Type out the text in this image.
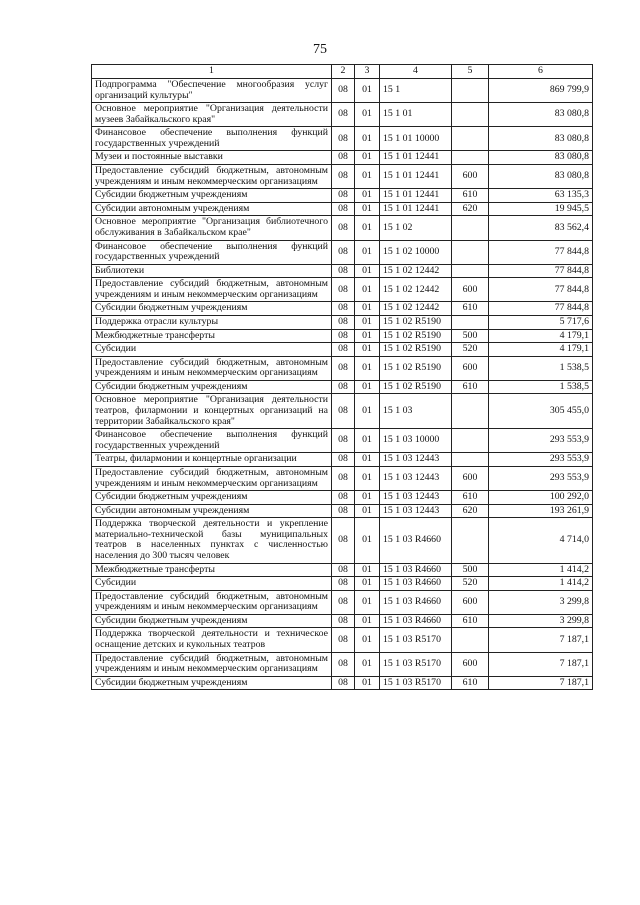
75
1	2	3	4	5	6
Подпрограмма "Обеспечение многообразия услуг организаций культуры"	08	01	15 1		869 799,9
Основное мероприятие "Организация деятельности музеев Забайкальского края"	08	01	15 1 01		83 080,8
Финансовое обеспечение выполнения функций государственных учреждений	08	01	15 1 01 10000		83 080,8
Музеи и постоянные выставки	08	01	15 1 01 12441		83 080,8
Предоставление субсидий бюджетным, автономным учреждениям и иным некоммерческим организациям	08	01	15 1 01 12441	600	83 080,8
Субсидии бюджетным учреждениям	08	01	15 1 01 12441	610	63 135,3
Субсидии автономным учреждениям	08	01	15 1 01 12441	620	19 945,5
Основное мероприятие "Организация библиотечного обслуживания в Забайкальском крае"	08	01	15 1 02		83 562,4
Финансовое обеспечение выполнения функций государственных учреждений	08	01	15 1 02 10000		77 844,8
Библиотеки	08	01	15 1 02 12442		77 844,8
Предоставление субсидий бюджетным, автономным учреждениям и иным некоммерческим организациям	08	01	15 1 02 12442	600	77 844,8
Субсидии бюджетным учреждениям	08	01	15 1 02 12442	610	77 844,8
Поддержка отрасли культуры	08	01	15 1 02 R5190		5 717,6
Межбюджетные трансферты	08	01	15 1 02 R5190	500	4 179,1
Субсидии	08	01	15 1 02 R5190	520	4 179,1
Предоставление субсидий бюджетным, автономным учреждениям и иным некоммерческим организациям	08	01	15 1 02 R5190	600	1 538,5
Субсидии бюджетным учреждениям	08	01	15 1 02 R5190	610	1 538,5
Основное мероприятие "Организация деятельности театров, филармонии и концертных организаций на территории Забайкальского края"	08	01	15 1 03		305 455,0
Финансовое обеспечение выполнения функций государственных учреждений	08	01	15 1 03 10000		293 553,9
Театры, филармонии и концертные организации	08	01	15 1 03 12443		293 553,9
Предоставление субсидий бюджетным, автономным учреждениям и иным некоммерческим организациям	08	01	15 1 03 12443	600	293 553,9
Субсидии бюджетным учреждениям	08	01	15 1 03 12443	610	100 292,0
Субсидии автономным учреждениям	08	01	15 1 03 12443	620	193 261,9
Поддержка творческой деятельности и укрепление материально-технической базы муниципальных театров в населенных пунктах с численностью населения до 300 тысяч человек	08	01	15 1 03 R4660		4 714,0
Межбюджетные трансферты	08	01	15 1 03 R4660	500	1 414,2
Субсидии	08	01	15 1 03 R4660	520	1 414,2
Предоставление субсидий бюджетным, автономным учреждениям и иным некоммерческим организациям	08	01	15 1 03 R4660	600	3 299,8
Субсидии бюджетным учреждениям	08	01	15 1 03 R4660	610	3 299,8
Поддержка творческой деятельности и техническое оснащение детских и кукольных театров	08	01	15 1 03 R5170		7 187,1
Предоставление субсидий бюджетным, автономным учреждениям и иным некоммерческим организациям	08	01	15 1 03 R5170	600	7 187,1
Субсидии бюджетным учреждениям	08	01	15 1 03 R5170	610	7 187,1
